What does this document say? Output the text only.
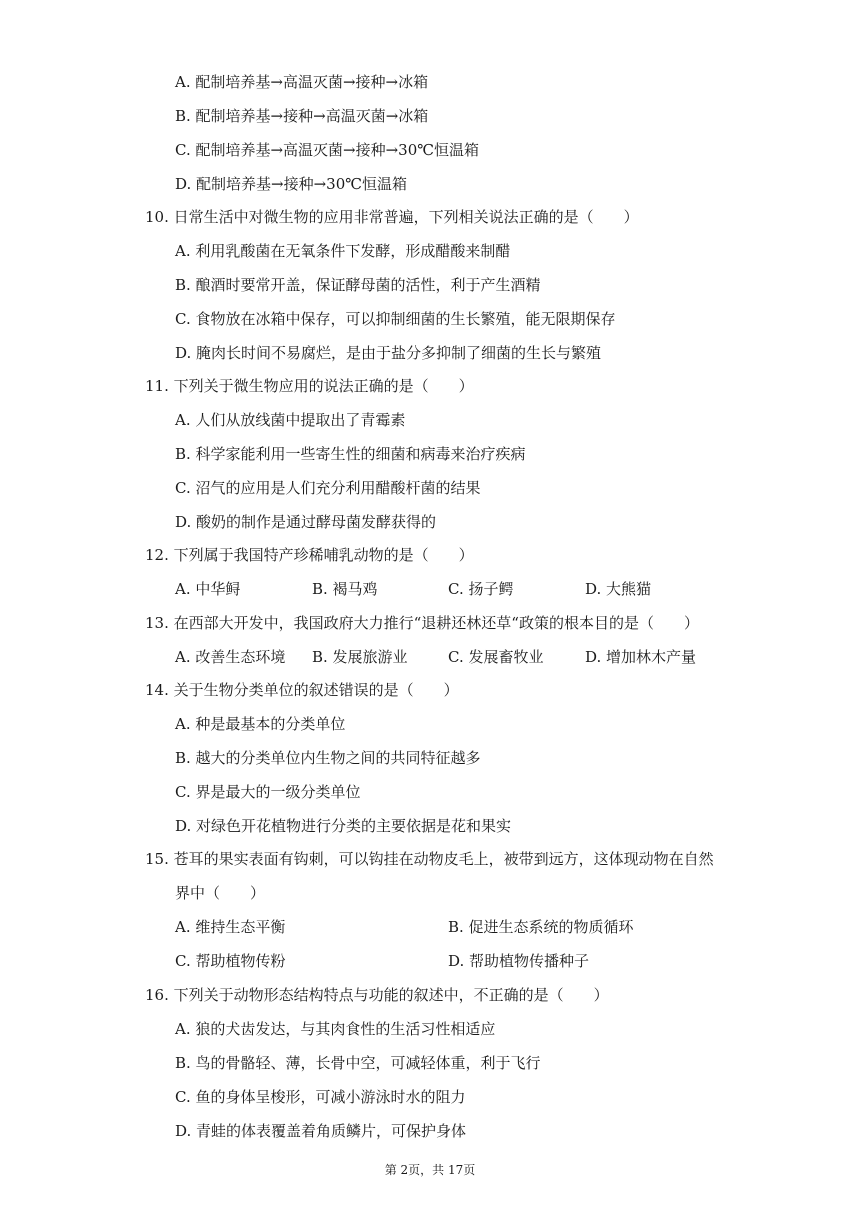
A. 配制培养基→高温灭菌→接种→冰箱
B. 配制培养基→接种→高温灭菌→冰箱
C. 配制培养基→高温灭菌→接种→30℃恒温箱
D. 配制培养基→接种→30℃恒温箱
10. 日常生活中对微生物的应用非常普遍，下列相关说法正确的是（　　）
A. 利用乳酸菌在无氧条件下发酵，形成醋酸来制醋
B. 酿酒时要常开盖，保证酵母菌的活性，利于产生酒精
C. 食物放在冰箱中保存，可以抑制细菌的生长繁殖，能无限期保存
D. 腌肉长时间不易腐烂，是由于盐分多抑制了细菌的生长与繁殖
11. 下列关于微生物应用的说法正确的是（　　）
A. 人们从放线菌中提取出了青霉素
B. 科学家能利用一些寄生性的细菌和病毒来治疗疾病
C. 沼气的应用是人们充分利用醋酸杆菌的结果
D. 酸奶的制作是通过酵母菌发酵获得的
12. 下列属于我国特产珍稀哺乳动物的是（　　）
A. 中华鲟	B. 褐马鸡	C. 扬子鳄	D. 大熊猫
13. 在西部大开发中，我国政府大力推行“退耕还林还草“政策的根本目的是（　　）
A. 改善生态环境 B. 发展旅游业	C. 发展畜牧业	D. 增加林木产量
14. 关于生物分类单位的叙述错误的是（　　）
A. 种是最基本的分类单位
B. 越大的分类单位内生物之间的共同特征越多
C. 界是最大的一级分类单位
D. 对绿色开花植物进行分类的主要依据是花和果实
15. 苍耳的果实表面有钩刺，可以钩挂在动物皮毛上，被带到远方，这体现动物在自然
界中（　　）
A. 维持生态平衡	B. 促进生态系统的物质循环
C. 帮助植物传粉	D. 帮助植物传播种子
16. 下列关于动物形态结构特点与功能的叙述中，不正确的是（　　）
A. 狼的犬齿发达，与其肉食性的生活习性相适应
B. 鸟的骨骼轻、薄，长骨中空，可减轻体重，利于飞行
C. 鱼的身体呈梭形，可减小游泳时水的阻力
D. 青蛙的体表覆盖着角质鳞片，可保护身体
第 2页，共 17页
